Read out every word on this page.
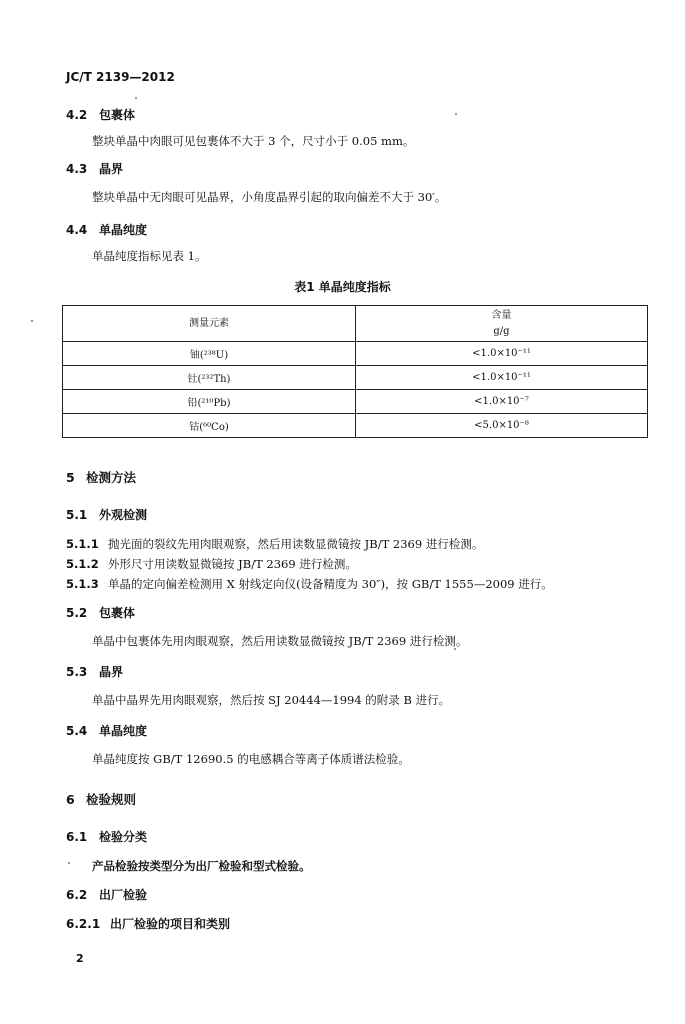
JC/T 2139—2012
4.2 包裹体
整块单晶中肉眼可见包裹体不大于 3 个，尺寸小于 0.05 mm。
4.3 晶界
整块单晶中无肉眼可见晶界，小角度晶界引起的取向偏差不大于 30′。
4.4 单晶纯度
单晶纯度指标见表 1。
表1 单晶纯度指标
测量元素	含量
g/g

铀(²³⁸U)	<1.0×10⁻¹¹
钍(²³²Th)	<1.0×10⁻¹¹
铅(²¹⁰Pb)	<1.0×10⁻⁷
钴(⁶⁰Co)	<5.0×10⁻⁸
5 检测方法
5.1 外观检测
5.1.1 抛光面的裂纹先用肉眼观察，然后用读数显微镜按 JB/T 2369 进行检测。
5.1.2 外形尺寸用读数显微镜按 JB/T 2369 进行检测。
5.1.3 单晶的定向偏差检测用 X 射线定向仪(设备精度为 30″)，按 GB/T 1555—2009 进行。
5.2 包裹体
单晶中包裹体先用肉眼观察，然后用读数显微镜按 JB/T 2369 进行检测。
5.3 晶界
单晶中晶界先用肉眼观察，然后按 SJ 20444—1994 的附录 B 进行。
5.4 单晶纯度
单晶纯度按 GB/T 12690.5 的电感耦合等离子体质谱法检验。
6 检验规则
6.1 检验分类
产品检验按类型分为出厂检验和型式检验。
6.2 出厂检验
6.2.1 出厂检验的项目和类别
2
